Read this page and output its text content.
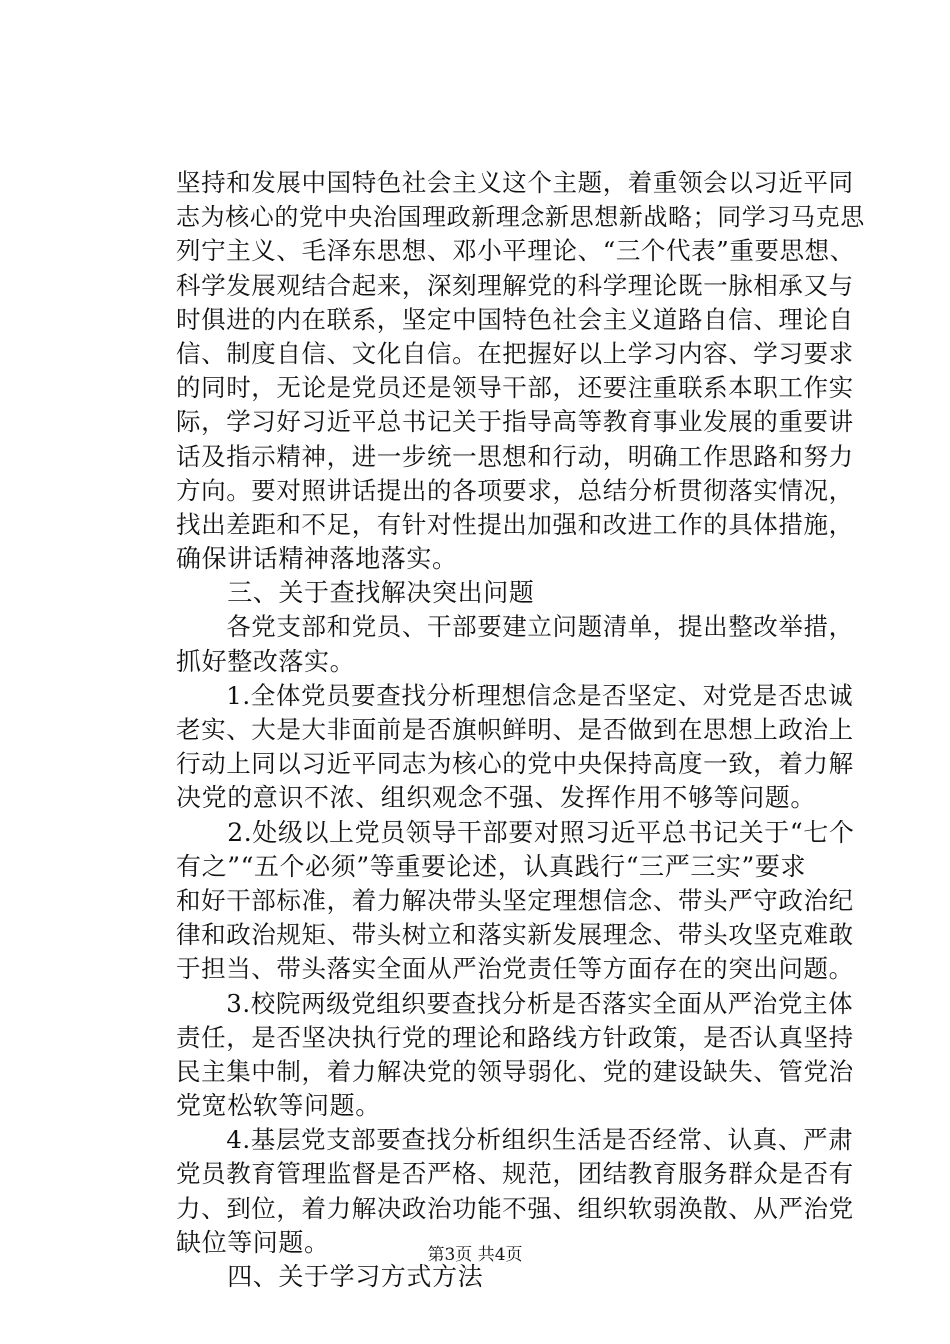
坚持和发展中国特色社会主义这个主题，着重领会以习近平同
志为核心的党中央治国理政新理念新思想新战略；同学习马克思
列宁主义、毛泽东思想、邓小平理论、“三个代表”重要思想、
科学发展观结合起来，深刻理解党的科学理论既一脉相承又与
时俱进的内在联系，坚定中国特色社会主义道路自信、理论自
信、制度自信、文化自信。在把握好以上学习内容、学习要求
的同时，无论是党员还是领导干部，还要注重联系本职工作实
际，学习好习近平总书记关于指导高等教育事业发展的重要讲
话及指示精神，进一步统一思想和行动，明确工作思路和努力
方向。要对照讲话提出的各项要求，总结分析贯彻落实情况，
找出差距和不足，有针对性提出加强和改进工作的具体措施，
确保讲话精神落地落实。
　　三、关于查找解决突出问题
　　各党支部和党员、干部要建立问题清单，提出整改举措，
抓好整改落实。
　　1.全体党员要查找分析理想信念是否坚定、对党是否忠诚
老实、大是大非面前是否旗帜鲜明、是否做到在思想上政治上
行动上同以习近平同志为核心的党中央保持高度一致，着力解
决党的意识不浓、组织观念不强、发挥作用不够等问题。
　　2.处级以上党员领导干部要对照习近平总书记关于“七个
有之”“五个必须”等重要论述，认真践行“三严三实”要求
和好干部标准，着力解决带头坚定理想信念、带头严守政治纪
律和政治规矩、带头树立和落实新发展理念、带头攻坚克难敢
于担当、带头落实全面从严治党责任等方面存在的突出问题。
　　3.校院两级党组织要查找分析是否落实全面从严治党主体
责任，是否坚决执行党的理论和路线方针政策，是否认真坚持
民主集中制，着力解决党的领导弱化、党的建设缺失、管党治
党宽松软等问题。
　　4.基层党支部要查找分析组织生活是否经常、认真、严肃
党员教育管理监督是否严格、规范，团结教育服务群众是否有
力、到位，着力解决政治功能不强、组织软弱涣散、从严治党
缺位等问题。
　　四、关于学习方式方法
第3页 共4页
